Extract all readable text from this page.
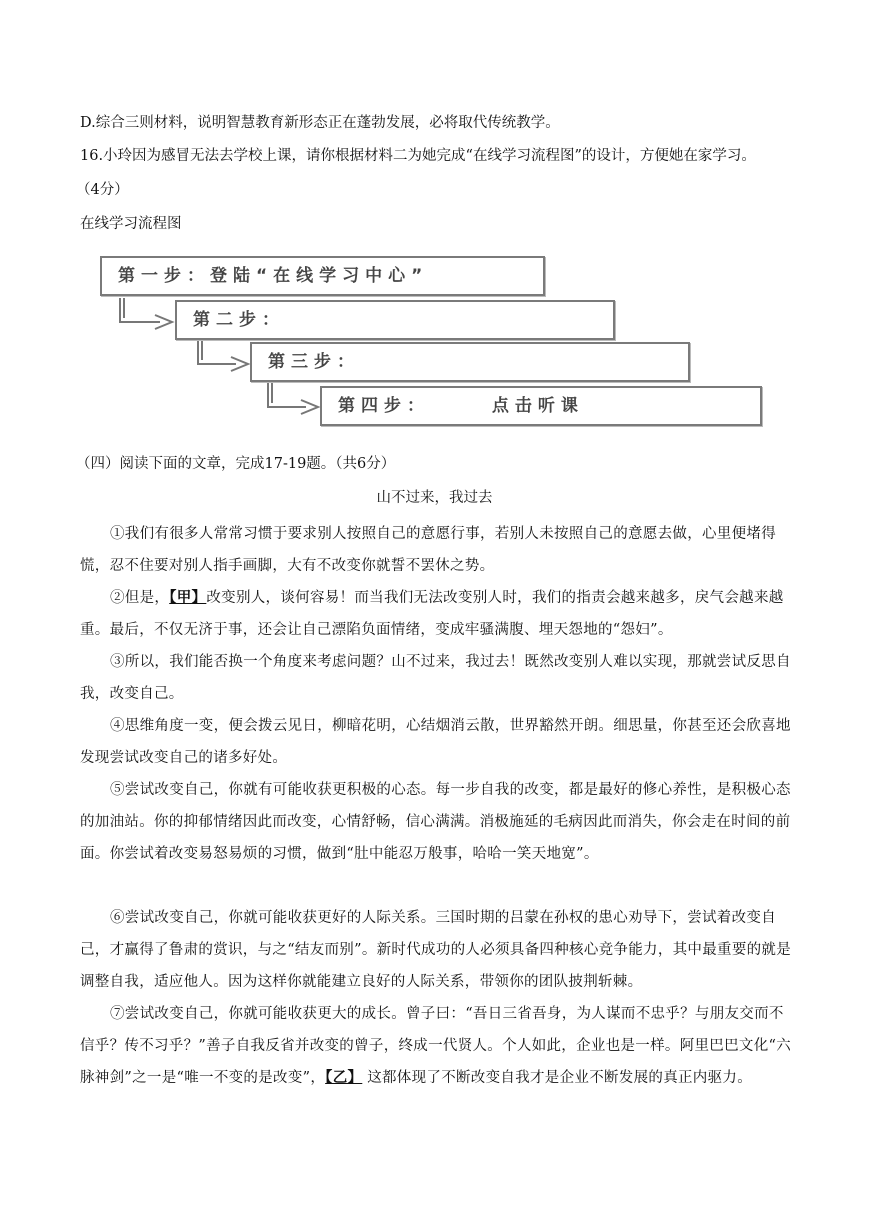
D.综合三则材料，说明智慧教育新形态正在蓬勃发展，必将取代传统教学。
16.小玲因为感冒无法去学校上课，请你根据材料二为她完成“在线学习流程图”的设计，方便她在家学习。
（4分）
在线学习流程图
第一步：登陆“在线学习中心”
第二步：
第三步：
第四步：	点击听课
（四）阅读下面的文章，完成17-19题。（共6分）
山不过来，我过去
①我们有很多人常常习惯于要求别人按照自己的意愿行事，若别人未按照自己的意愿去做，心里便堵得慌，忍不住要对别人指手画脚，大有不改变你就誓不罢休之势。
②但是，【甲】改变别人，谈何容易！而当我们无法改变别人时，我们的指责会越来越多，戾气会越来越重。最后，不仅无济于事，还会让自己漂陷负面情绪，变成牢骚满腹、埋天怨地的“怨妇”。
③所以，我们能否换一个角度来考虑问题？山不过来，我过去！既然改变别人难以实现，那就尝试反思自我，改变自己。
④思维角度一变，便会拨云见日，柳暗花明，心结烟消云散，世界豁然开朗。细思量，你甚至还会欣喜地发现尝试改变自己的诸多好处。
⑤尝试改变自己，你就有可能收获更积极的心态。每一步自我的改变，都是最好的修心养性，是积极心态的加油站。你的抑郁情绪因此而改变，心情舒畅，信心满满。消极施延的毛病因此而消失，你会走在时间的前面。你尝试着改变易怒易烦的习惯，做到“肚中能忍万般事，哈哈一笑天地宽”。
⑥尝试改变自己，你就可能收获更好的人际关系。三国时期的吕蒙在孙权的患心劝导下，尝试着改变自己，才赢得了鲁肃的赏识，与之“结友而别”。新时代成功的人必须具备四种核心竞争能力，其中最重要的就是调整自我，适应他人。因为这样你就能建立良好的人际关系，带领你的团队披荆斩棘。
⑦尝试改变自己，你就可能收获更大的成长。曾子曰：“吾日三省吾身，为人谋而不忠乎？与朋友交而不信乎？传不习乎？”善子自我反省并改变的曾子，终成一代贤人。个人如此，企业也是一样。阿里巴巴文化“六脉神剑”之一是“唯一不变的是改变”，【乙】 这都体现了不断改变自我才是企业不断发展的真正内驱力。
